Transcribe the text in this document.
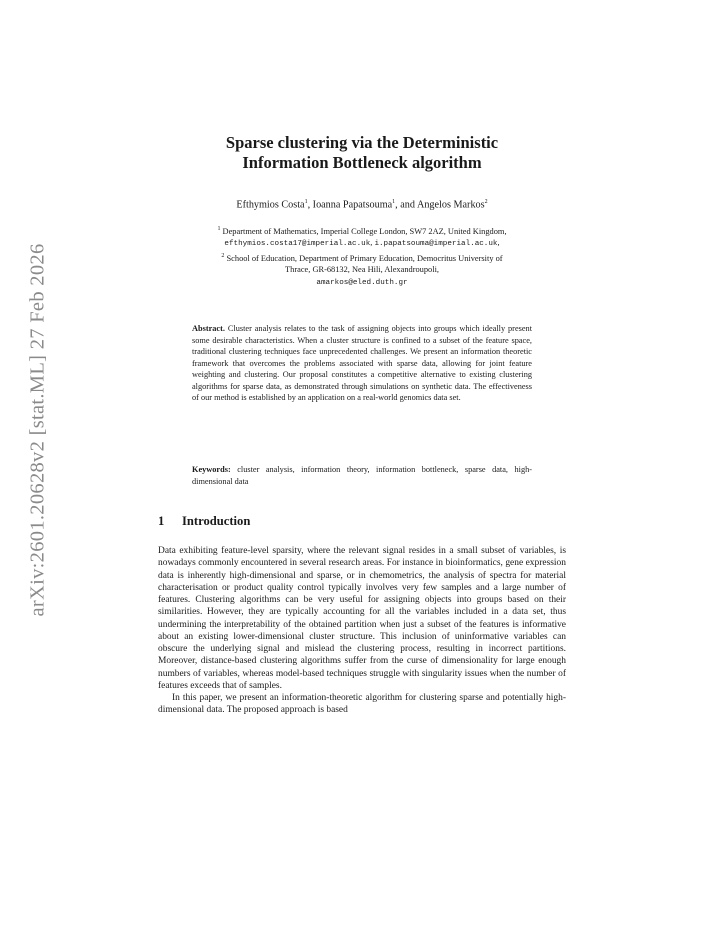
arXiv:2601.20628v2 [stat.ML] 27 Feb 2026
Sparse clustering via the Deterministic
Information Bottleneck algorithm
Efthymios Costa$^1$, Ioanna Papatsouma$^1$, and Angelos Markos$^2$
$^1$ Department of Mathematics, Imperial College London, SW7 2AZ, United Kingdom,
efthymios.costa17@imperial.ac.uk, i.papatsouma@imperial.ac.uk,
$^2$ School of Education, Department of Primary Education, Democritus University of
Thrace, GR-68132, Nea Hili, Alexandroupoli,
amarkos@eled.duth.gr
Abstract. Cluster analysis relates to the task of assigning objects into groups which ideally present some desirable characteristics. When a cluster structure is confined to a subset of the feature space, traditional clustering techniques face unprecedented challenges. We present an information theoretic framework that overcomes the problems associated with sparse data, allowing for joint feature weighting and clustering. Our proposal constitutes a competitive alternative to existing clustering algorithms for sparse data, as demonstrated through simulations on synthetic data. The effectiveness of our method is established by an application on a real-world genomics data set.
Keywords: cluster analysis, information theory, information bottleneck, sparse data, high-dimensional data
1 Introduction

Data exhibiting feature-level sparsity, where the relevant signal resides in a small subset of variables, is nowadays commonly encountered in several research areas. For instance in bioinformatics, gene expression data is inherently high-dimensional and sparse, or in chemometrics, the analysis of spectra for material characterisation or product quality control typically involves very few samples and a large number of features. Clustering algorithms can be very useful for assigning objects into groups based on their similarities. However, they are typically accounting for all the variables included in a data set, thus undermining the interpretability of the obtained partition when just a subset of the features is informative about an existing lower-dimensional cluster structure. This inclusion of uninformative variables can obscure the underlying signal and mislead the clustering process, resulting in incorrect partitions. Moreover, distance-based clustering algorithms suffer from the curse of dimensionality for large enough numbers of variables, whereas model-based techniques struggle with singularity issues when the number of features exceeds that of samples.

In this paper, we present an information-theoretic algorithm for clustering sparse and potentially high-dimensional data. The proposed approach is based
